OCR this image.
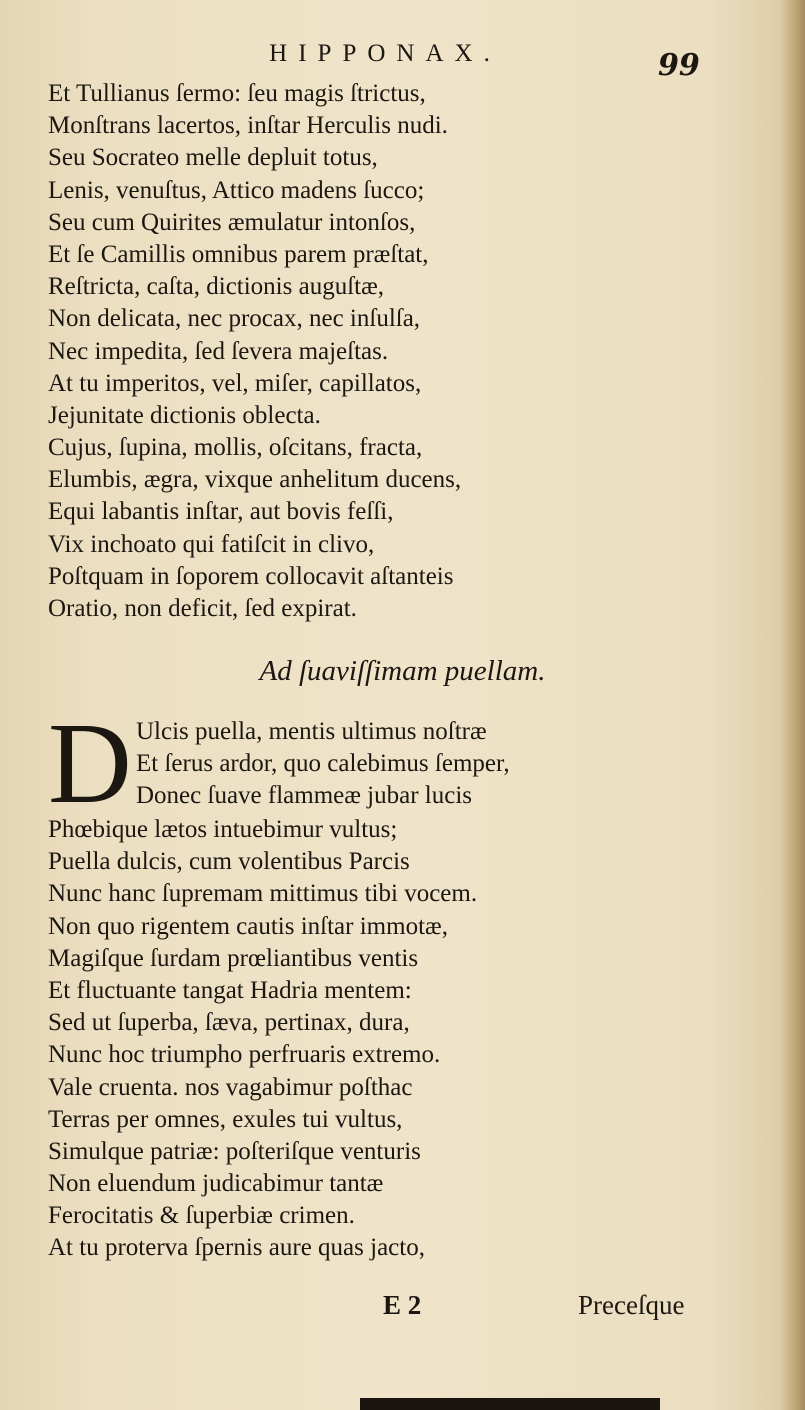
HIPPONAX.	99
Et Tullianus ſermo: ſeu magis ſtrictus,
Monſtrans lacertos, inſtar Herculis nudi.
Seu Socrateo melle depluit totus,
Lenis, venuſtus, Attico madens ſucco;
Seu cum Quirites æmulatur intonſos,
Et ſe Camillis omnibus parem præſtat,
Reſtricta, caſta, dictionis auguſtæ,
Non delicata, nec procax, nec inſulſa,
Nec impedita, ſed ſevera majeſtas.
At tu imperitos, vel, miſer, capillatos,
Jejunitate dictionis oblecta.
Cujus, ſupina, mollis, oſcitans, fracta,
Elumbis, ægra, vixque anhelitum ducens,
Equi labantis inſtar, aut bovis feſſi,
Vix inchoato qui fatiſcit in clivo,
Poſtquam in ſoporem collocavit aſtanteis
Oratio, non deficit, ſed expirat.
Ad ſuaviſſimam puellam.
D Ulcis puella, mentis ultimus noſtræ
Et ſerus ardor, quo calebimus ſemper,
Donec ſuave flammeæ jubar lucis
Phœbique lætos intuebimur vultus;
Puella dulcis, cum volentibus Parcis
Nunc hanc ſupremam mittimus tibi vocem.
Non quo rigentem cautis inſtar immotæ,
Magiſque ſurdam prœliantibus ventis
Et fluctuante tangat Hadria mentem:
Sed ut ſuperba, ſæva, pertinax, dura,
Nunc hoc triumpho perfruaris extremo.
Vale cruenta. nos vagabimur poſthac
Terras per omnes, exules tui vultus,
Simulque patriæ: poſteriſque venturis
Non eluendum judicabimur tantæ
Ferocitatis & ſuperbiæ crimen.
At tu proterva ſpernis aure quas jacto,
E 2	Preceſque
